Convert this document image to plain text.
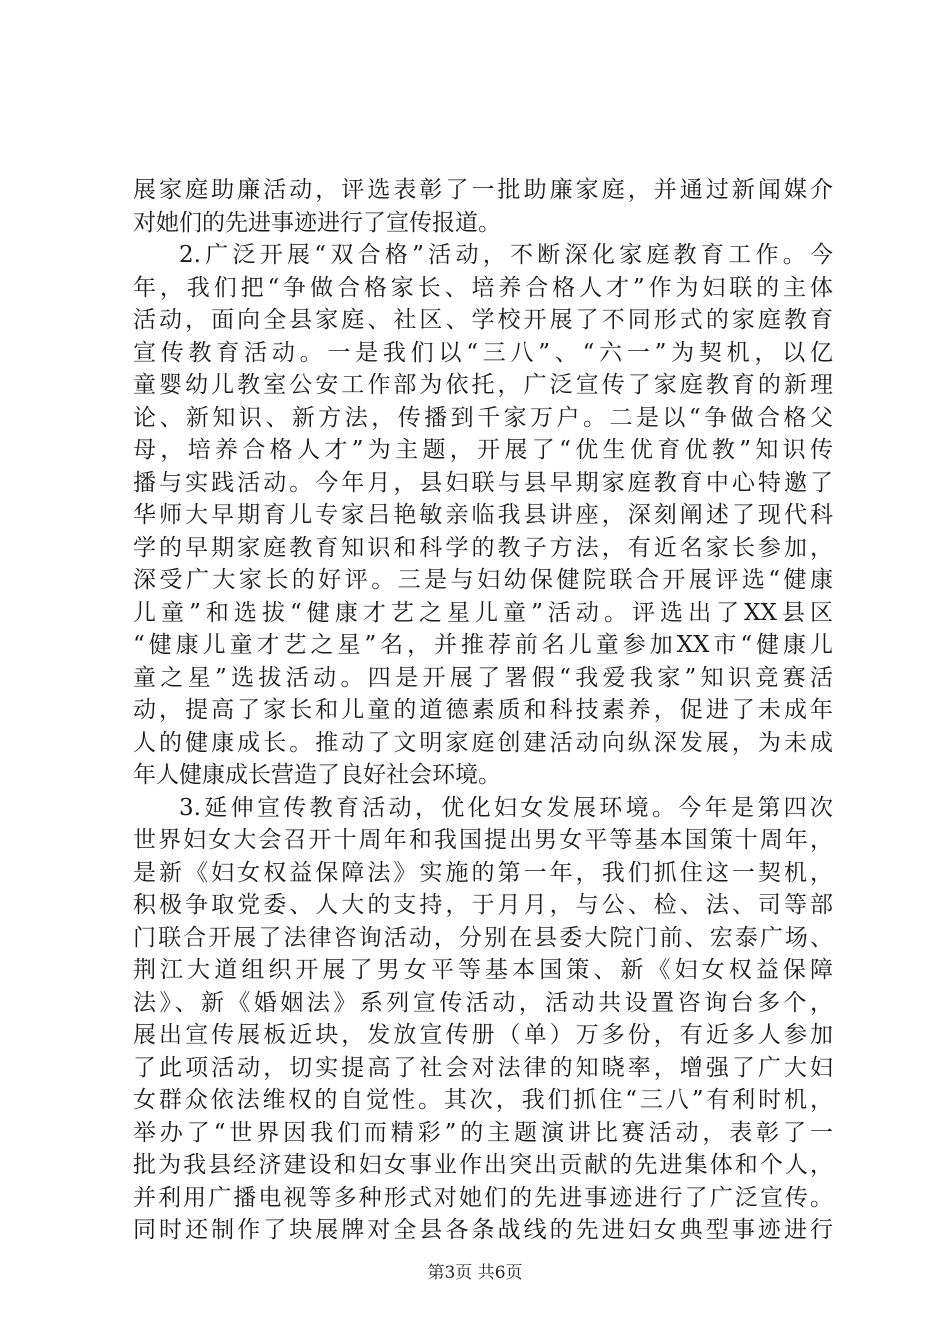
展家庭助廉活动，评选表彰了一批助廉家庭，并通过新闻媒介
对她们的先进事迹进行了宣传报道。
2.广泛开展“双合格”活动，不断深化家庭教育工作。今
年，我们把“争做合格家长、培养合格人才”作为妇联的主体
活动，面向全县家庭、社区、学校开展了不同形式的家庭教育
宣传教育活动。一是我们以“三八”、“六一”为契机，以亿
童婴幼儿教室公安工作部为依托，广泛宣传了家庭教育的新理
论、新知识、新方法，传播到千家万户。二是以“争做合格父
母，培养合格人才”为主题，开展了“优生优育优教”知识传
播与实践活动。今年月，县妇联与县早期家庭教育中心特邀了
华师大早期育儿专家吕艳敏亲临我县讲座，深刻阐述了现代科
学的早期家庭教育知识和科学的教子方法，有近名家长参加，
深受广大家长的好评。三是与妇幼保健院联合开展评选“健康
儿童”和选拔“健康才艺之星儿童”活动。评选出了XX县区
“健康儿童才艺之星”名，并推荐前名儿童参加XX市“健康儿
童之星”选拔活动。四是开展了署假“我爱我家”知识竞赛活
动，提高了家长和儿童的道德素质和科技素养，促进了未成年
人的健康成长。推动了文明家庭创建活动向纵深发展，为未成
年人健康成长营造了良好社会环境。
3.延伸宣传教育活动，优化妇女发展环境。今年是第四次
世界妇女大会召开十周年和我国提出男女平等基本国策十周年，
是新《妇女权益保障法》实施的第一年，我们抓住这一契机，
积极争取党委、人大的支持，于月月，与公、检、法、司等部
门联合开展了法律咨询活动，分别在县委大院门前、宏泰广场、
荆江大道组织开展了男女平等基本国策、新《妇女权益保障
法》、新《婚姻法》系列宣传活动，活动共设置咨询台多个，
展出宣传展板近块，发放宣传册（单）万多份，有近多人参加
了此项活动，切实提高了社会对法律的知晓率，增强了广大妇
女群众依法维权的自觉性。其次，我们抓住“三八”有利时机，
举办了“世界因我们而精彩”的主题演讲比赛活动，表彰了一
批为我县经济建设和妇女事业作出突出贡献的先进集体和个人，
并利用广播电视等多种形式对她们的先进事迹进行了广泛宣传。
同时还制作了块展牌对全县各条战线的先进妇女典型事迹进行
第3页 共6页
